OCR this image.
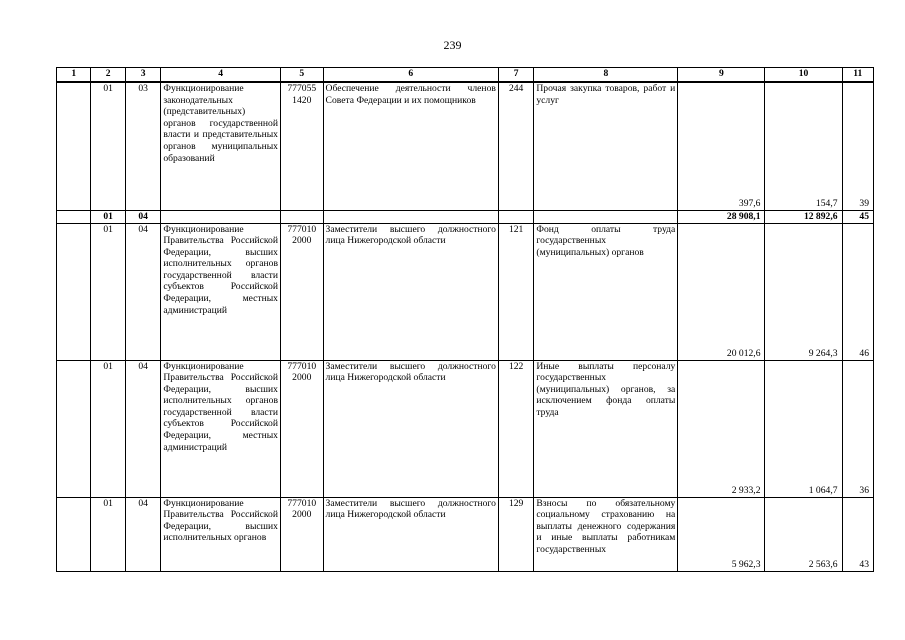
239
1	2	3	4	5	6	7	8	9	10	11
	01	03	Функционирование законодательных (представительных) органов государственной власти и представительных органов муниципальных образований	777055 1420	Обеспечение деятельности членов Совета Федерации и их помощников	244	Прочая закупка товаров, работ и услуг	397,6	154,7	39
	01	04						28 908,1	12 892,6	45
	01	04	Функционирование Правительства Российской Федерации, высших исполнительных органов государственной власти субъектов Российской Федерации, местных администраций	777010 2000	Заместители высшего должностного лица Нижегородской области	121	Фонд оплаты труда государственных (муниципальных) органов	20 012,6	9 264,3	46
	01	04	Функционирование Правительства Российской Федерации, высших исполнительных органов государственной власти субъектов Российской Федерации, местных администраций	777010 2000	Заместители высшего должностного лица Нижегородской области	122	Иные выплаты персоналу государственных (муниципальных) органов, за исключением фонда оплаты труда	2 933,2	1 064,7	36
	01	04	Функционирование Правительства Российской Федерации, высших исполнительных органов	777010 2000	Заместители высшего должностного лица Нижегородской области	129	Взносы по обязательному социальному страхованию на выплаты денежного содержания и иные выплаты работникам государственных	5 962,3	2 563,6	43
